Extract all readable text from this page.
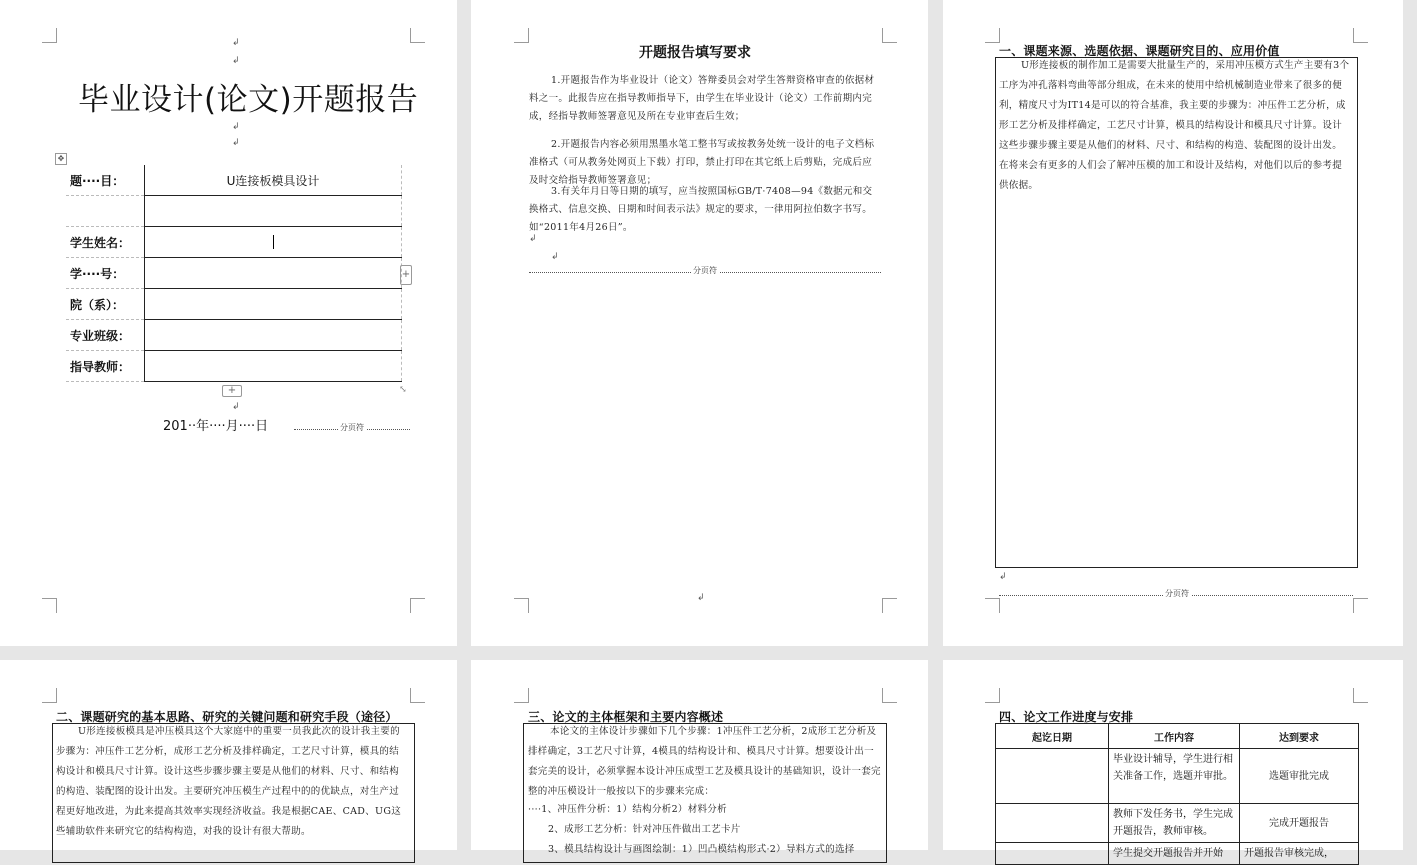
↲
↲
毕业设计(论文)开题报告
↲
↲
✥
题····目：	U连接板模具设计

学生姓名：	
学····号：	
院（系）：	
专业班级：	
指导教师：	
+
+	⤡
↲
201··年····月····日	分页符
开题报告填写要求
1.开题报告作为毕业设计（论文）答辩委员会对学生答辩资格审查的依据材料之一。此报告应在指导教师指导下，由学生在毕业设计（论文）工作前期内完成，经指导教师签署意见及所在专业审查后生效；
2.开题报告内容必须用黑墨水笔工整书写或按教务处统一设计的电子文档标准格式（可从教务处网页上下载）打印，禁止打印在其它纸上后剪贴，完成后应及时交给指导教师签署意见；
3.有关年月日等日期的填写，应当按照国标GB/T·7408—94《数据元和交换格式、信息交换、日期和时间表示法》规定的要求，一律用阿拉伯数字书写。如“2011年4月26日”。
↲
↲
分页符
↲
一、课题来源、选题依据、课题研究目的、应用价值
U形连接板的制作加工是需要大批量生产的，采用冲压模方式生产主要有3个工序为冲孔落料弯曲等部分组成，在未来的使用中给机械制造业带来了很多的便利，精度尺寸为IT14是可以的符合基准，我主要的步骤为：冲压件工艺分析，成形工艺分析及排样确定，工艺尺寸计算，模具的结构设计和模具尺寸计算。设计这些步骤步骤主要是从他们的材料、尺寸、和结构的构造、装配图的设计出发。在将来会有更多的人们会了解冲压模的加工和设计及结构，对他们以后的参考提供依据。
↲
分页符
二、课题研究的基本思路、研究的关键问题和研究手段（途径）
U形连接板模具是冲压模具这个大家庭中的重要一员我此次的设计我主要的步骤为：冲压件工艺分析，成形工艺分析及排样确定，工艺尺寸计算，模具的结构设计和模具尺寸计算。设计这些步骤步骤主要是从他们的材料、尺寸、和结构的构造、装配图的设计出发。主要研究冲压模生产过程中的的优缺点，对生产过程更好地改进，为此来提高其效率实现经济收益。我是根据CAE、CAD、UG这些辅助软件来研究它的结构构造，对我的设计有很大帮助。
三、论文的主体框架和主要内容概述
本论文的主体设计步骤如下几个步骤：1冲压件工艺分析，2成形工艺分析及排样确定，3工艺尺寸计算，4模具的结构设计和、模具尺寸计算。想要设计出一套完美的设计，必须掌握本设计冲压成型工艺及模具设计的基础知识，设计一套完整的冲压模设计一般按以下的步骤来完成：
····1、冲压件分析：1）结构分析2）材料分析
2、成形工艺分析：针对冲压件做出工艺卡片
3、模具结构设计与画图绘制：1）凹凸模结构形式·2）导料方式的选择
四、论文工作进度与安排
起讫日期	工作内容	达到要求
	毕业设计辅导，学生进行相关准备工作，选题并审批。	选题审批完成
	教师下发任务书，学生完成开题报告，教师审核。	完成开题报告
	学生提交开题报告并开始	开题报告审核完成，
